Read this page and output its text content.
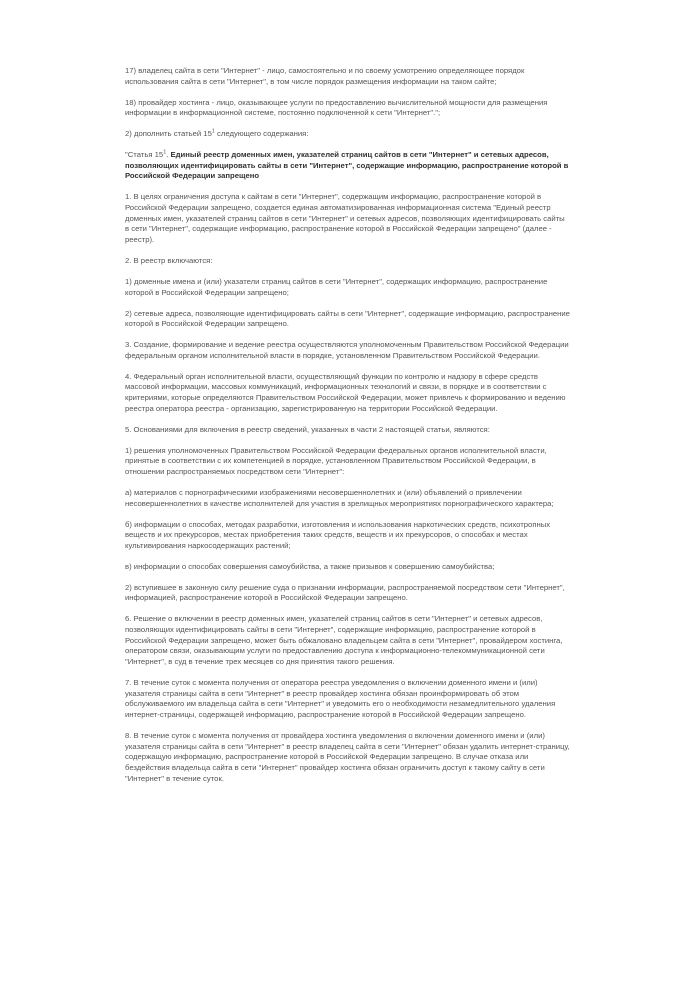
17) владелец сайта в сети "Интернет" - лицо, самостоятельно и по своему усмотрению определяющее порядок использования сайта в сети "Интернет", в том числе порядок размещения информации на таком сайте;

18) провайдер хостинга - лицо, оказывающее услуги по предоставлению вычислительной мощности для размещения информации в информационной системе, постоянно подключенной к сети "Интернет".";

2) дополнить статьей $15^1$ следующего содержания:

"Статья $15^1$. Единый реестр доменных имен, указателей страниц сайтов в сети "Интернет" и сетевых адресов, позволяющих идентифицировать сайты в сети "Интернет", содержащие информацию, распространение которой в Российской Федерации запрещено

1. В целях ограничения доступа к сайтам в сети "Интернет", содержащим информацию, распространение которой в Российской Федерации запрещено, создается единая автоматизированная информационная система "Единый реестр доменных имен, указателей страниц сайтов в сети "Интернет" и сетевых адресов, позволяющих идентифицировать сайты в сети "Интернет", содержащие информацию, распространение которой в Российской Федерации запрещено" (далее - реестр).

2. В реестр включаются:

1) доменные имена и (или) указатели страниц сайтов в сети "Интернет", содержащих информацию, распространение которой в Российской Федерации запрещено;

2) сетевые адреса, позволяющие идентифицировать сайты в сети "Интернет", содержащие информацию, распространение которой в Российской Федерации запрещено.

3. Создание, формирование и ведение реестра осуществляются уполномоченным Правительством Российской Федерации федеральным органом исполнительной власти в порядке, установленном Правительством Российской Федерации.

4. Федеральный орган исполнительной власти, осуществляющий функции по контролю и надзору в сфере средств массовой информации, массовых коммуникаций, информационных технологий и связи, в порядке и в соответствии с критериями, которые определяются Правительством Российской Федерации, может привлечь к формированию и ведению реестра оператора реестра - организацию, зарегистрированную на территории Российской Федерации.

5. Основаниями для включения в реестр сведений, указанных в части 2 настоящей статьи, являются:

1) решения уполномоченных Правительством Российской Федерации федеральных органов исполнительной власти, принятые в соответствии с их компетенцией в порядке, установленном Правительством Российской Федерации, в отношении распространяемых посредством сети "Интернет":

а) материалов с порнографическими изображениями несовершеннолетних и (или) объявлений о привлечении несовершеннолетних в качестве исполнителей для участия в зрелищных мероприятиях порнографического характера;

б) информации о способах, методах разработки, изготовления и использования наркотических средств, психотропных веществ и их прекурсоров, местах приобретения таких средств, веществ и их прекурсоров, о способах и местах культивирования наркосодержащих растений;

в) информации о способах совершения самоубийства, а также призывов к совершению самоубийства;

2) вступившее в законную силу решение суда о признании информации, распространяемой посредством сети "Интернет", информацией, распространение которой в Российской Федерации запрещено.

6. Решение о включении в реестр доменных имен, указателей страниц сайтов в сети "Интернет" и сетевых адресов, позволяющих идентифицировать сайты в сети "Интернет", содержащие информацию, распространение которой в Российской Федерации запрещено, может быть обжаловано владельцем сайта в сети "Интернет", провайдером хостинга, оператором связи, оказывающим услуги по предоставлению доступа к информационно-телекоммуникационной сети "Интернет", в суд в течение трех месяцев со дня принятия такого решения.

7. В течение суток с момента получения от оператора реестра уведомления о включении доменного имени и (или) указателя страницы сайта в сети "Интернет" в реестр провайдер хостинга обязан проинформировать об этом обслуживаемого им владельца сайта в сети "Интернет" и уведомить его о необходимости незамедлительного удаления интернет-страницы, содержащей информацию, распространение которой в Российской Федерации запрещено.

8. В течение суток с момента получения от провайдера хостинга уведомления о включении доменного имени и (или) указателя страницы сайта в сети "Интернет" в реестр владелец сайта в сети "Интернет" обязан удалить интернет-страницу, содержащую информацию, распространение которой в Российской Федерации запрещено. В случае отказа или бездействия владельца сайта в сети "Интернет" провайдер хостинга обязан ограничить доступ к такому сайту в сети "Интернет" в течение суток.
